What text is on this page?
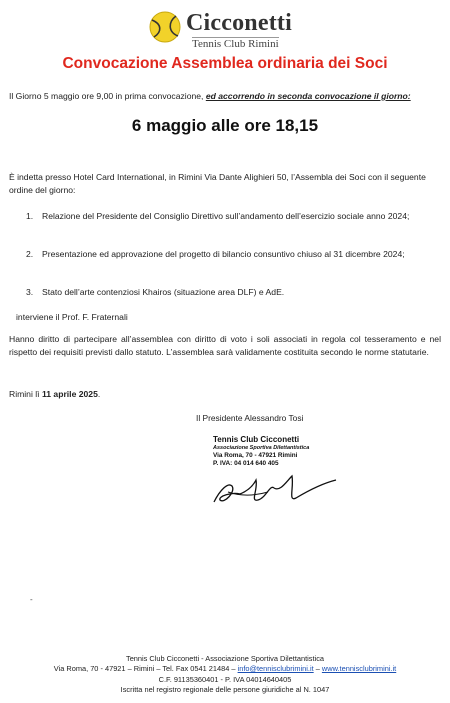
Cicconetti
Tennis Club Rimini
Convocazione Assemblea ordinaria dei Soci
Il Giorno 5 maggio ore 9,00 in prima convocazione, ed accorrendo in seconda convocazione il giorno:
6 maggio alle ore 18,15
È indetta presso Hotel Card International, in Rimini Via Dante Alighieri 50, l’Assembla dei Soci con il seguente ordine del giorno:
1. Relazione del Presidente del Consiglio Direttivo sull’andamento dell’esercizio sociale anno 2024;
2. Presentazione ed approvazione del progetto di bilancio consuntivo chiuso al 31 dicembre 2024;
3. Stato dell’arte contenziosi Khairos (situazione area DLF) e AdE.
interviene il Prof. F. Fraternali
Hanno diritto di partecipare all’assemblea con diritto di voto i soli associati in regola col tesseramento e nel rispetto dei requisiti previsti dallo statuto. L’assemblea sarà validamente costituita secondo le norme statutarie.
Rimini lì 11 aprile 2025.
Il Presidente Alessandro Tosi
Tennis Club Cicconetti
Associazione Sportiva Dilettantistica
Via Roma, 70 - 47921 Rimini
P. IVA: 04 014 640 405
-
Tennis Club Cicconetti - Associazione Sportiva Dilettantistica
Via Roma, 70 - 47921 – Rimini – Tel. Fax 0541 21484 – info@tennisclubrimini.it – www.tennisclubrimini.it
C.F. 91135360401 - P. IVA 04014640405
Iscritta nel registro regionale delle persone giuridiche al N. 1047
